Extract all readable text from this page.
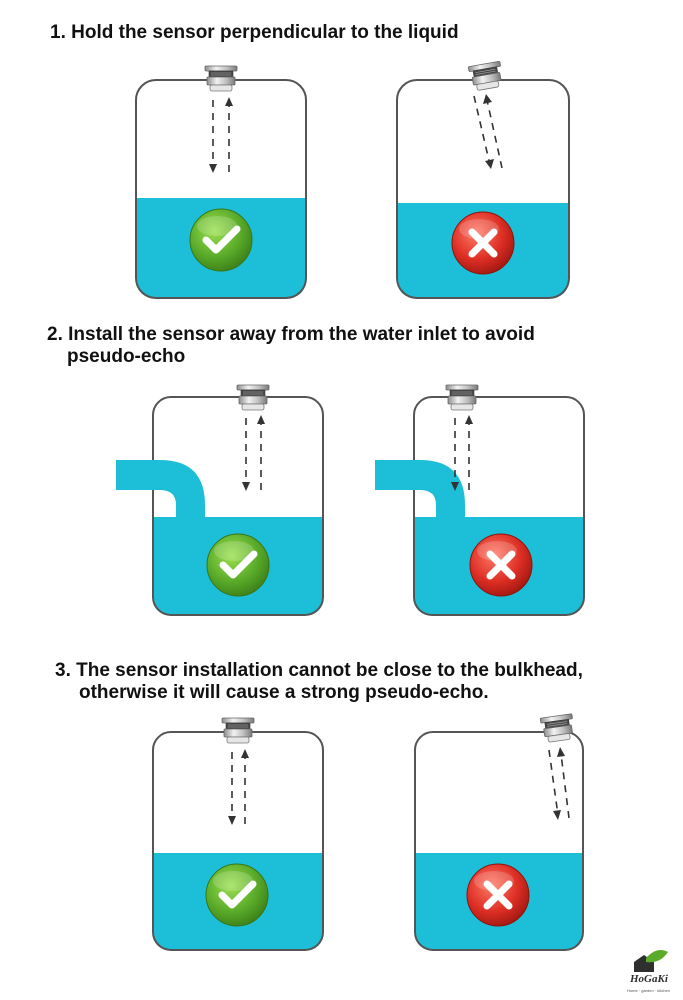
1. Hold the sensor perpendicular to the liquid
2. Install the sensor away from the water inlet to avoid
pseudo-echo
3. The sensor installation cannot be close to the bulkhead,
otherwise it will cause a strong pseudo-echo.
HoGaKi
Home · garden · kitchen
